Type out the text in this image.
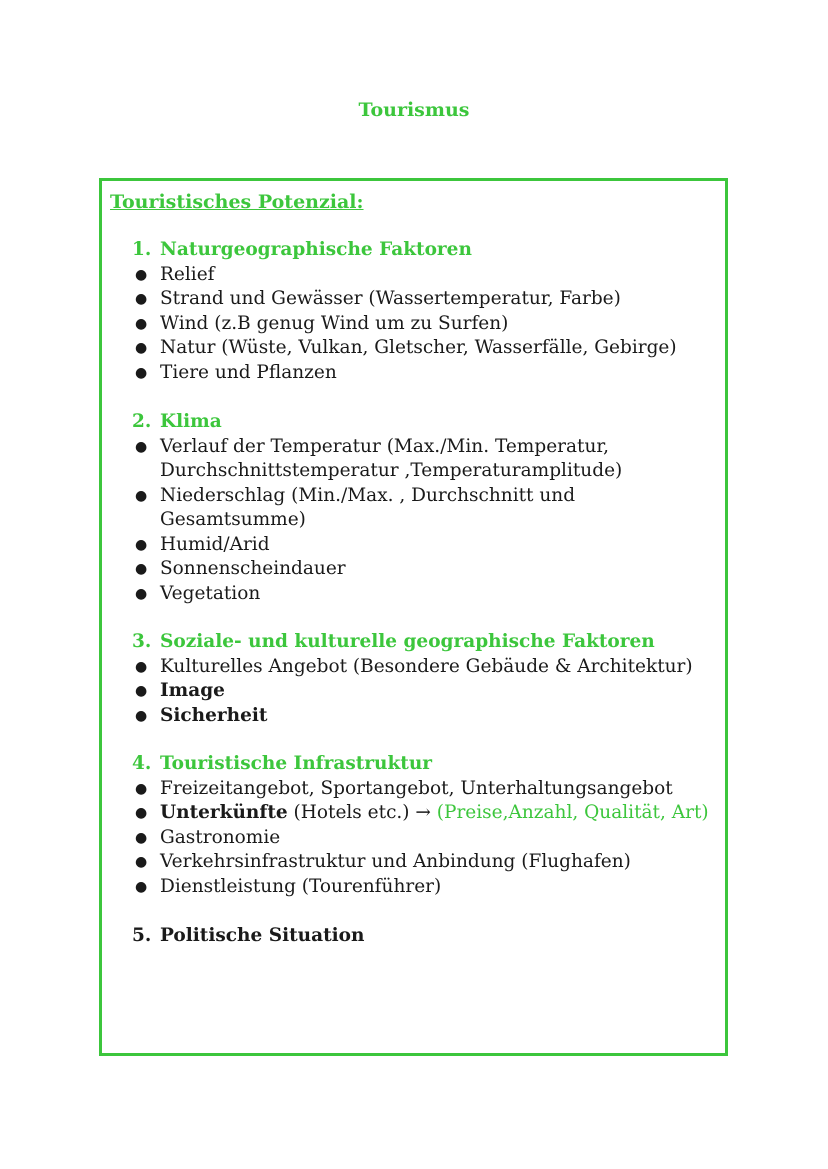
Tourismus
Touristisches Potenzial:

1. Naturgeographische Faktoren

● Relief
● Strand und Gewässer (Wassertemperatur, Farbe)
● Wind (z.B genug Wind um zu Surfen)
● Natur (Wüste, Vulkan, Gletscher, Wasserfälle, Gebirge)
● Tiere und Pflanzen

2. Klima

● Verlauf der Temperatur (Max./Min. Temperatur, Durchschnittstemperatur ,Temperaturamplitude)
● Niederschlag (Min./Max. , Durchschnitt und Gesamtsumme)
● Humid/Arid
● Sonnenscheindauer
● Vegetation

3. Soziale- und kulturelle geographische Faktoren

● Kulturelles Angebot (Besondere Gebäude & Architektur)
● Image
● Sicherheit

4. Touristische Infrastruktur

● Freizeitangebot, Sportangebot, Unterhaltungsangebot
● Unterkünfte (Hotels etc.) → (Preise,Anzahl, Qualität, Art)
● Gastronomie
● Verkehrsinfrastruktur und Anbindung (Flughafen)
● Dienstleistung (Tourenführer)

5. Politische Situation
